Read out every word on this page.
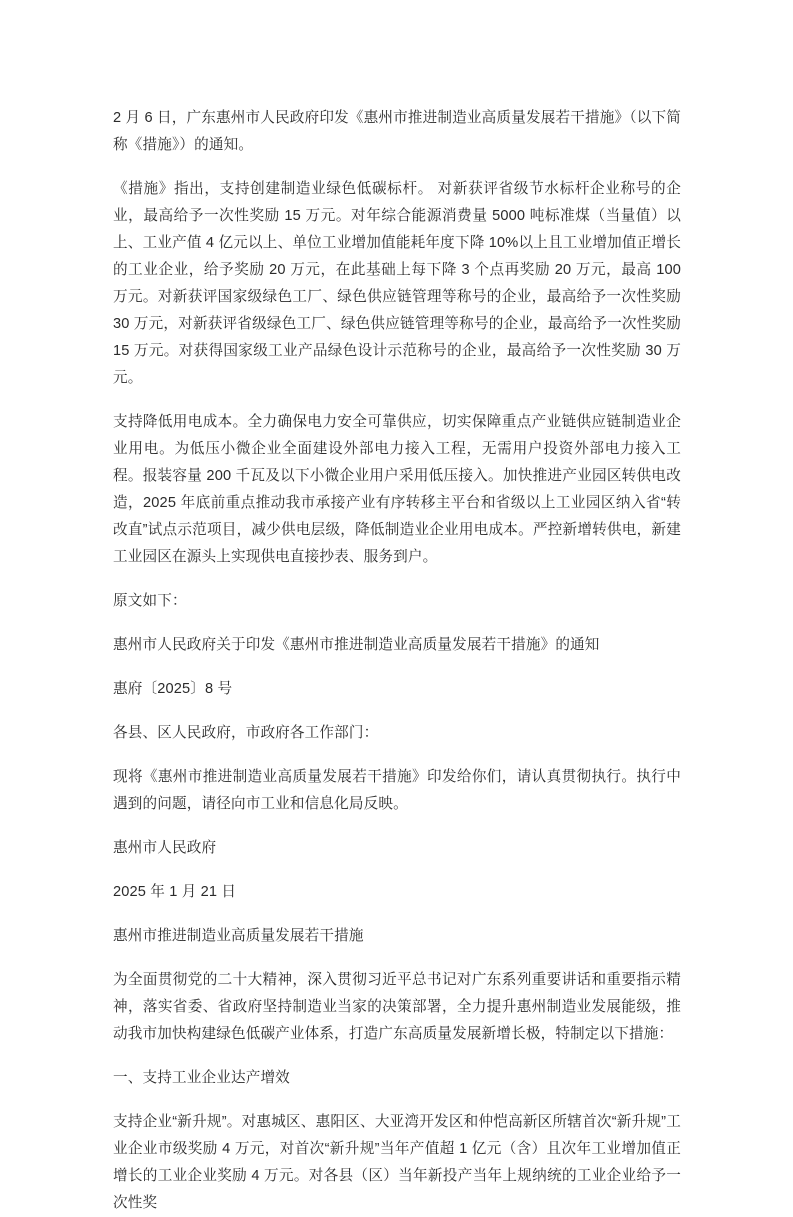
2 月 6 日，广东惠州市人民政府印发《惠州市推进制造业高质量发展若干措施》（以下简称《措施》）的通知。

《措施》指出，支持创建制造业绿色低碳标杆。 对新获评省级节水标杆企业称号的企业，最高给予一次性奖励 15 万元。对年综合能源消费量 5000 吨标准煤（当量值）以上、工业产值 4 亿元以上、单位工业增加值能耗年度下降 10%以上且工业增加值正增长的工业企业，给予奖励 20 万元，在此基础上每下降 3 个点再奖励 20 万元，最高 100 万元。对新获评国家级绿色工厂、绿色供应链管理等称号的企业，最高给予一次性奖励 30 万元，对新获评省级绿色工厂、绿色供应链管理等称号的企业，最高给予一次性奖励 15 万元。对获得国家级工业产品绿色设计示范称号的企业，最高给予一次性奖励 30 万元。

支持降低用电成本。全力确保电力安全可靠供应，切实保障重点产业链供应链制造业企业用电。为低压小微企业全面建设外部电力接入工程，无需用户投资外部电力接入工程。报装容量 200 千瓦及以下小微企业用户采用低压接入。加快推进产业园区转供电改造，2025 年底前重点推动我市承接产业有序转移主平台和省级以上工业园区纳入省“转改直”试点示范项目，减少供电层级，降低制造业企业用电成本。严控新增转供电，新建工业园区在源头上实现供电直接抄表、服务到户。

原文如下：

惠州市人民政府关于印发《惠州市推进制造业高质量发展若干措施》的通知

惠府〔2025〕8 号

各县、区人民政府，市政府各工作部门：

现将《惠州市推进制造业高质量发展若干措施》印发给你们，请认真贯彻执行。执行中遇到的问题，请径向市工业和信息化局反映。

惠州市人民政府

2025 年 1 月 21 日

惠州市推进制造业高质量发展若干措施

为全面贯彻党的二十大精神，深入贯彻习近平总书记对广东系列重要讲话和重要指示精神，落实省委、省政府坚持制造业当家的决策部署，全力提升惠州制造业发展能级，推动我市加快构建绿色低碳产业体系，打造广东高质量发展新增长极，特制定以下措施：

一、支持工业企业达产增效

支持企业“新升规”。对惠城区、惠阳区、大亚湾开发区和仲恺高新区所辖首次“新升规”工业企业市级奖励 4 万元，对首次“新升规”当年产值超 1 亿元（含）且次年工业增加值正增长的工业企业奖励 4 万元。对各县（区）当年新投产当年上规纳统的工业企业给予一次性奖
